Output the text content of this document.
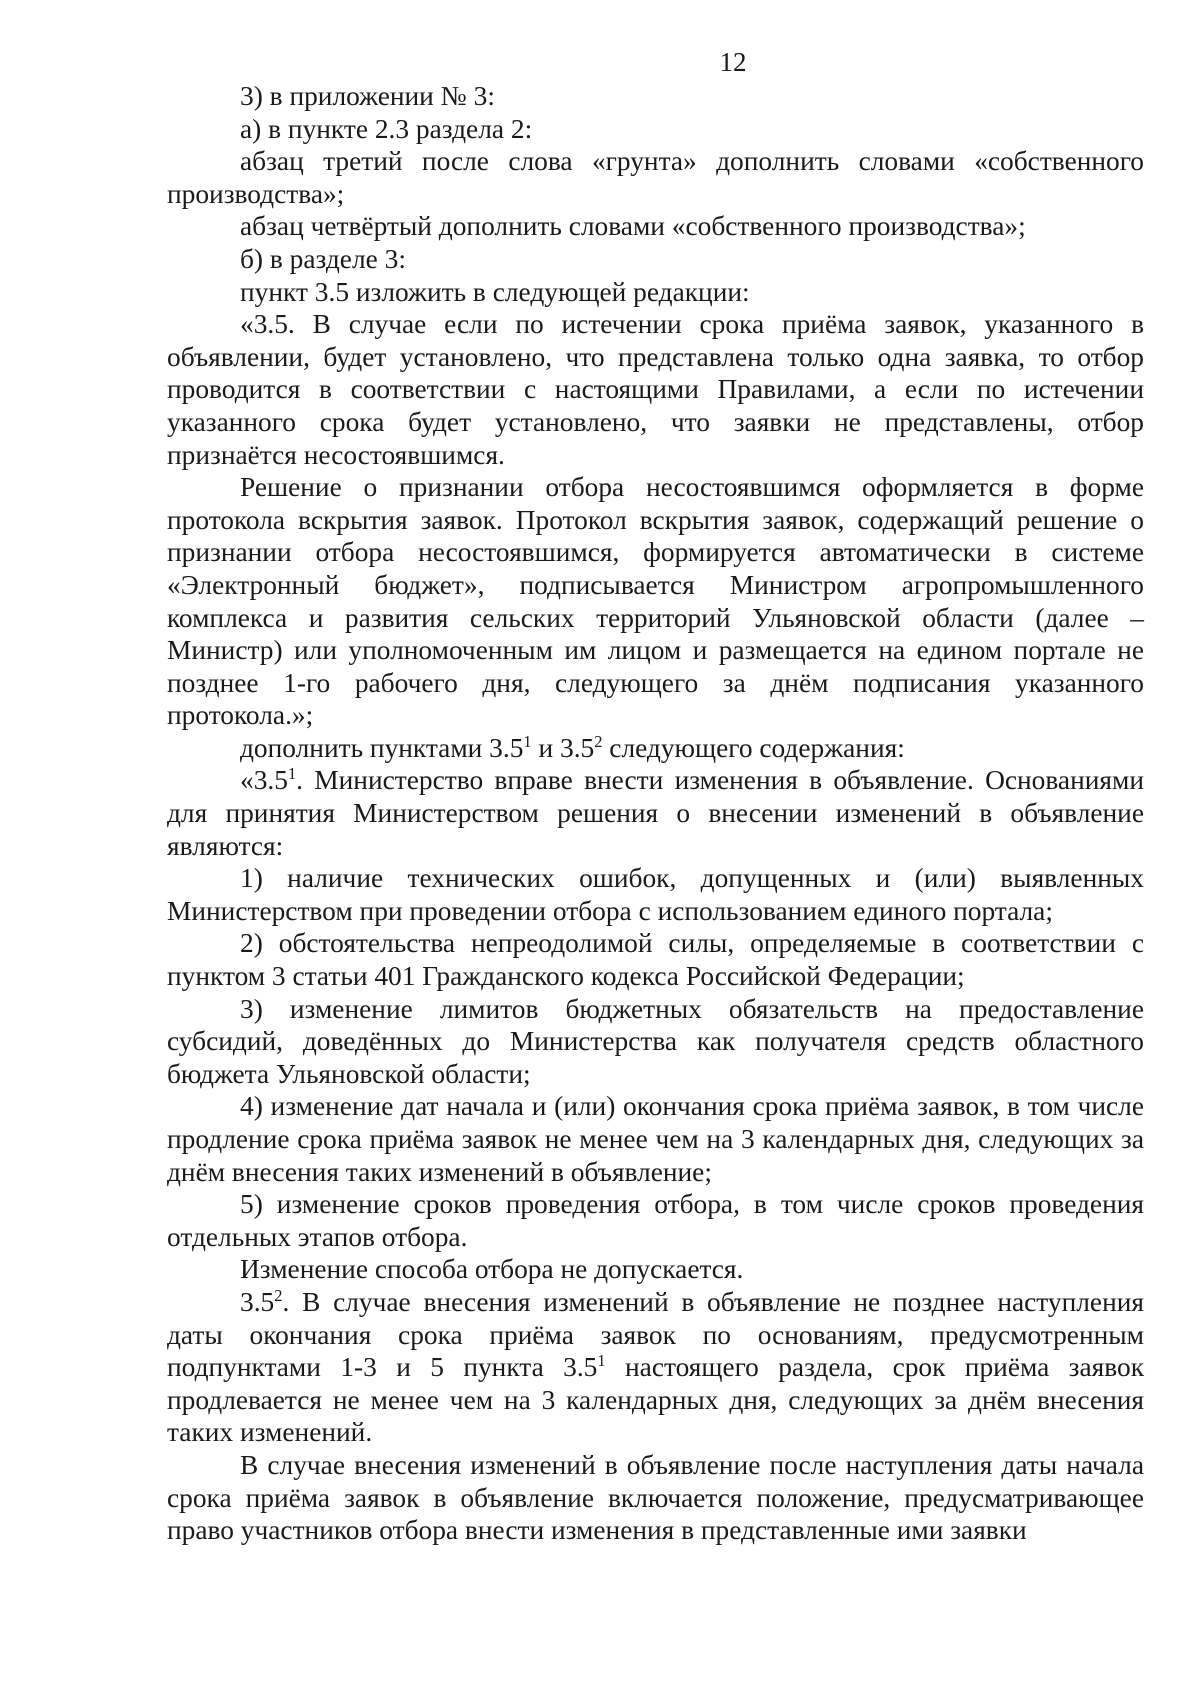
12

3) в приложении № 3:

а) в пункте 2.3 раздела 2:

абзац третий после слова «грунта» дополнить словами «собственного производства»;

абзац четвёртый дополнить словами «собственного производства»;

б) в разделе 3:

пункт 3.5 изложить в следующей редакции:

«3.5. В случае если по истечении срока приёма заявок, указанного в объявлении, будет установлено, что представлена только одна заявка, то отбор проводится в соответствии с настоящими Правилами, а если по истечении указанного срока будет установлено, что заявки не представлены, отбор признаётся несостоявшимся.

Решение о признании отбора несостоявшимся оформляется в форме протокола вскрытия заявок. Протокол вскрытия заявок, содержащий решение о признании отбора несостоявшимся, формируется автоматически в системе «Электронный бюджет», подписывается Министром агропромышленного комплекса и развития сельских территорий Ульяновской области (далее – Министр) или уполномоченным им лицом и размещается на едином портале не позднее 1-го рабочего дня, следующего за днём подписания указанного протокола.»;

дополнить пунктами $3.5^1$ и $3.5^2$ следующего содержания:

«$3.5^1$. Министерство вправе внести изменения в объявление. Основаниями для принятия Министерством решения о внесении изменений в объявление являются:

1) наличие технических ошибок, допущенных и (или) выявленных Министерством при проведении отбора с использованием единого портала;

2) обстоятельства непреодолимой силы, определяемые в соответствии с пунктом 3 статьи 401 Гражданского кодекса Российской Федерации;

3) изменение лимитов бюджетных обязательств на предоставление субсидий, доведённых до Министерства как получателя средств областного бюджета Ульяновской области;

4) изменение дат начала и (или) окончания срока приёма заявок, в том числе продление срока приёма заявок не менее чем на 3 календарных дня, следующих за днём внесения таких изменений в объявление;

5) изменение сроков проведения отбора, в том числе сроков проведения отдельных этапов отбора.

Изменение способа отбора не допускается.

$3.5^2$. В случае внесения изменений в объявление не позднее наступления даты окончания срока приёма заявок по основаниям, предусмотренным подпунктами 1-3 и 5 пункта $3.5^1$ настоящего раздела, срок приёма заявок продлевается не менее чем на 3 календарных дня, следующих за днём внесения таких изменений.

В случае внесения изменений в объявление после наступления даты начала срока приёма заявок в объявление включается положение, предусматривающее право участников отбора внести изменения в представленные ими заявки
